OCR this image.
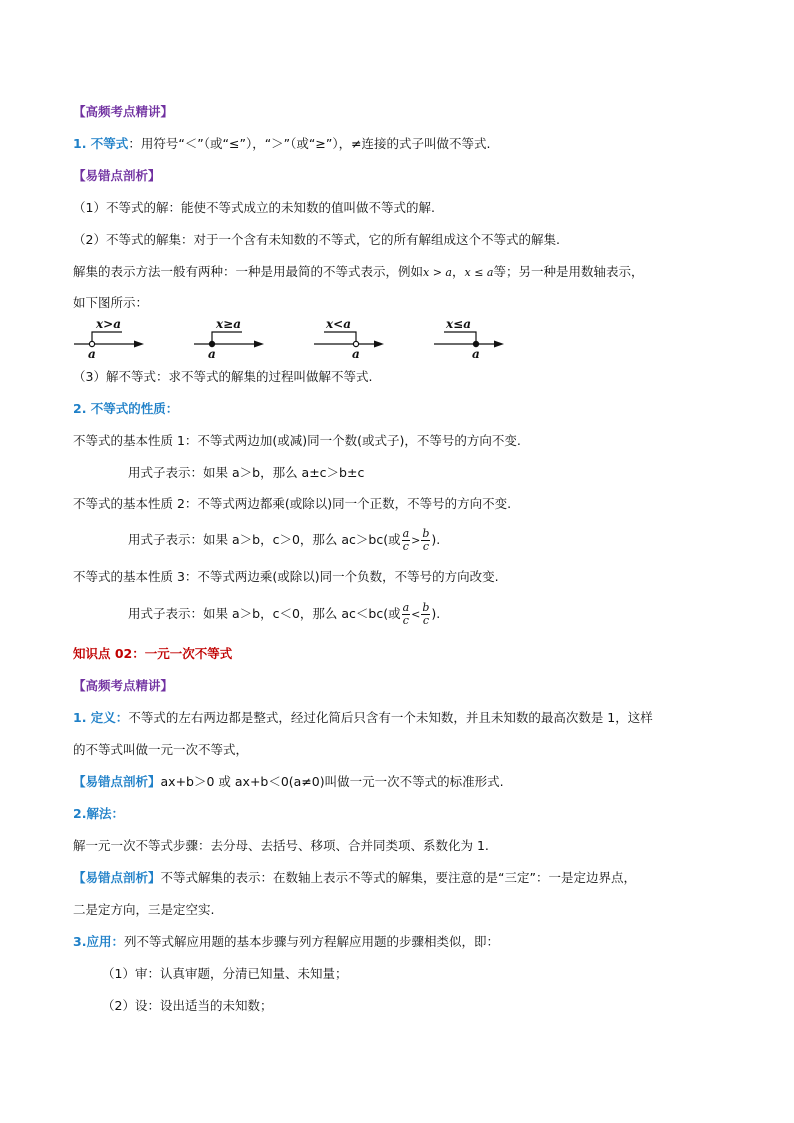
【高频考点精讲】
1. 不等式：用符号“＜”（或“≤”），“＞”（或“≥”），≠连接的式子叫做不等式.
【易错点剖析】
（1）不等式的解：能使不等式成立的未知数的值叫做不等式的解.
（2）不等式的解集：对于一个含有未知数的不等式，它的所有解组成这个不等式的解集.
解集的表示方法一般有两种：一种是用最简的不等式表示，例如x > a，x ≤ a等；另一种是用数轴表示，
如下图所示：
x>a
a
x≥a
a
x<a
a
x≤a
a
（3）解不等式：求不等式的解集的过程叫做解不等式.
2. 不等式的性质：
不等式的基本性质 1：不等式两边加(或减)同一个数(或式子)，不等号的方向不变.
用式子表示：如果 a＞b，那么 a±c＞b±c
不等式的基本性质 2：不等式两边都乘(或除以)同一个正数，不等号的方向不变.
用式子表示：如果 a＞b，c＞0，那么 ac＞bc(或 $\frac{a}{c} > \frac{b}{c}$ ).
不等式的基本性质 3：不等式两边乘(或除以)同一个负数，不等号的方向改变.
用式子表示：如果 a＞b，c＜0，那么 ac＜bc(或 $\frac{a}{c} < \frac{b}{c}$ ).
知识点 02：一元一次不等式
【高频考点精讲】
1. 定义：不等式的左右两边都是整式，经过化简后只含有一个未知数，并且未知数的最高次数是 1，这样
的不等式叫做一元一次不等式，
【易错点剖析】ax+b＞0 或 ax+b＜0(a≠0)叫做一元一次不等式的标准形式.
2.解法：
解一元一次不等式步骤：去分母、去括号、移项、合并同类项、系数化为 1.
【易错点剖析】不等式解集的表示：在数轴上表示不等式的解集，要注意的是“三定”：一是定边界点，
二是定方向，三是定空实.
3.应用：列不等式解应用题的基本步骤与列方程解应用题的步骤相类似，即：
（1）审：认真审题，分清已知量、未知量；
（2）设：设出适当的未知数；
